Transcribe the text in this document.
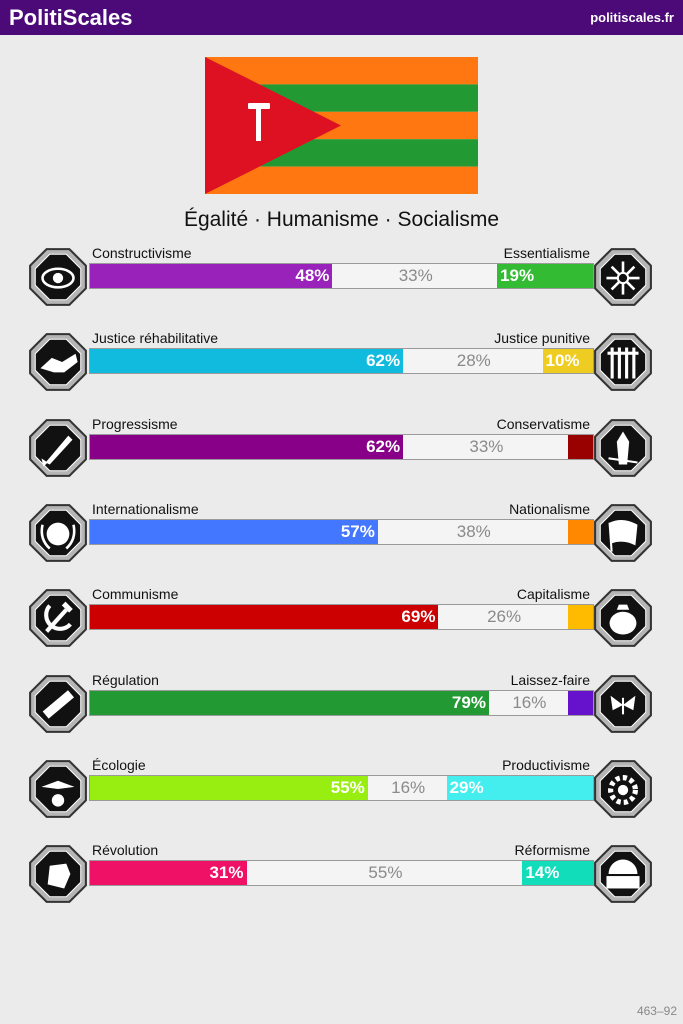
PolitiScales	politiscales.fr
Égalité · Humanisme · Socialisme
Constructivisme	Essentialisme
48%	33%	19%
Justice réhabilitative	Justice punitive
62%	28%	10%
Progressisme	Conservatisme
62%	33%
Internationalisme	Nationalisme
57%	38%
Communisme	Capitalisme
69%	26%
Régulation	Laissez-faire
79% 16%
Écologie	Productivisme
55% 16% 29%
Révolution	Réformisme
31%	55%	14%
463–92
